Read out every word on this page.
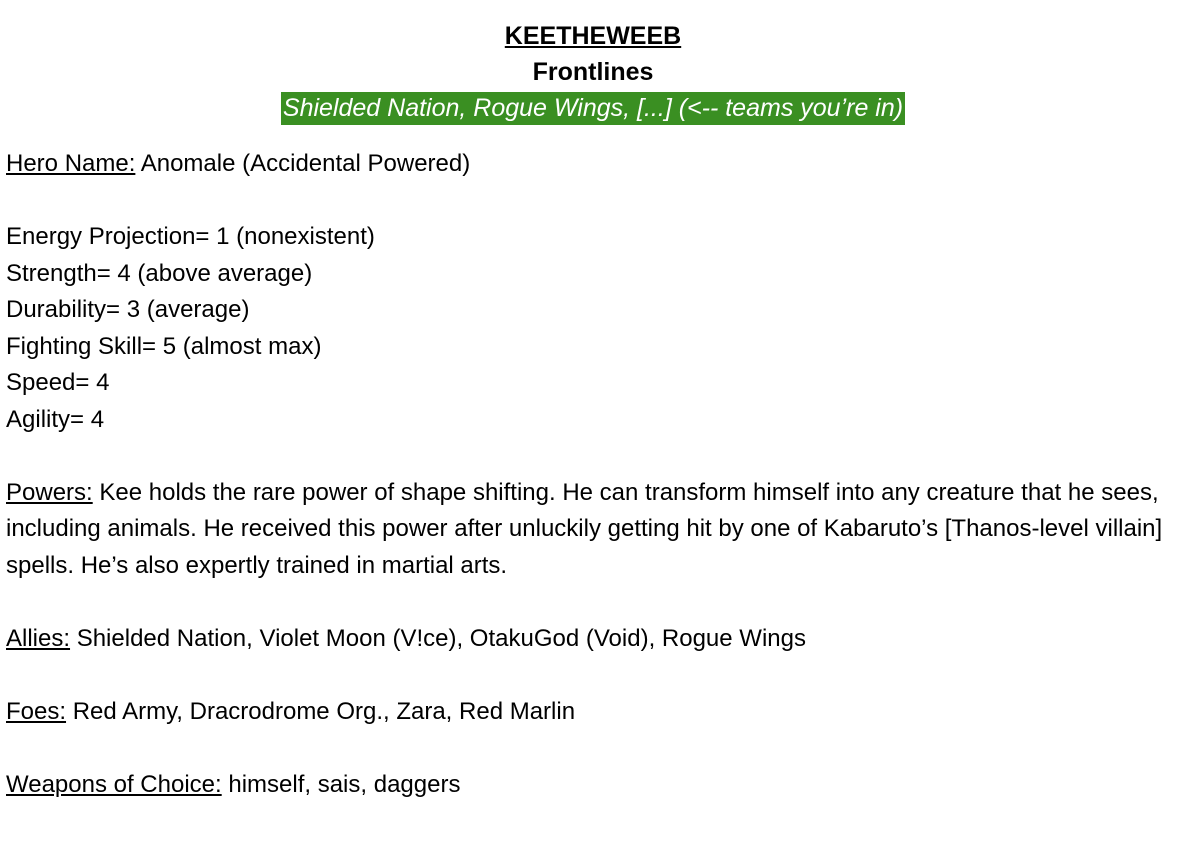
KEETHEWEEB
Frontlines
Shielded Nation, Rogue Wings, [...] (<-- teams you’re in)
Hero Name: Anomale (Accidental Powered)
Energy Projection= 1 (nonexistent)
Strength= 4 (above average)
Durability= 3 (average)
Fighting Skill= 5 (almost max)
Speed= 4
Agility= 4
Powers: Kee holds the rare power of shape shifting. He can transform himself into any creature that he sees, including animals. He received this power after unluckily getting hit by one of Kabaruto’s [Thanos-level villain] spells. He’s also expertly trained in martial arts.
Allies: Shielded Nation, Violet Moon (V!ce), OtakuGod (Void), Rogue Wings
Foes: Red Army, Dracrodrome Org., Zara, Red Marlin
Weapons of Choice: himself, sais, daggers
